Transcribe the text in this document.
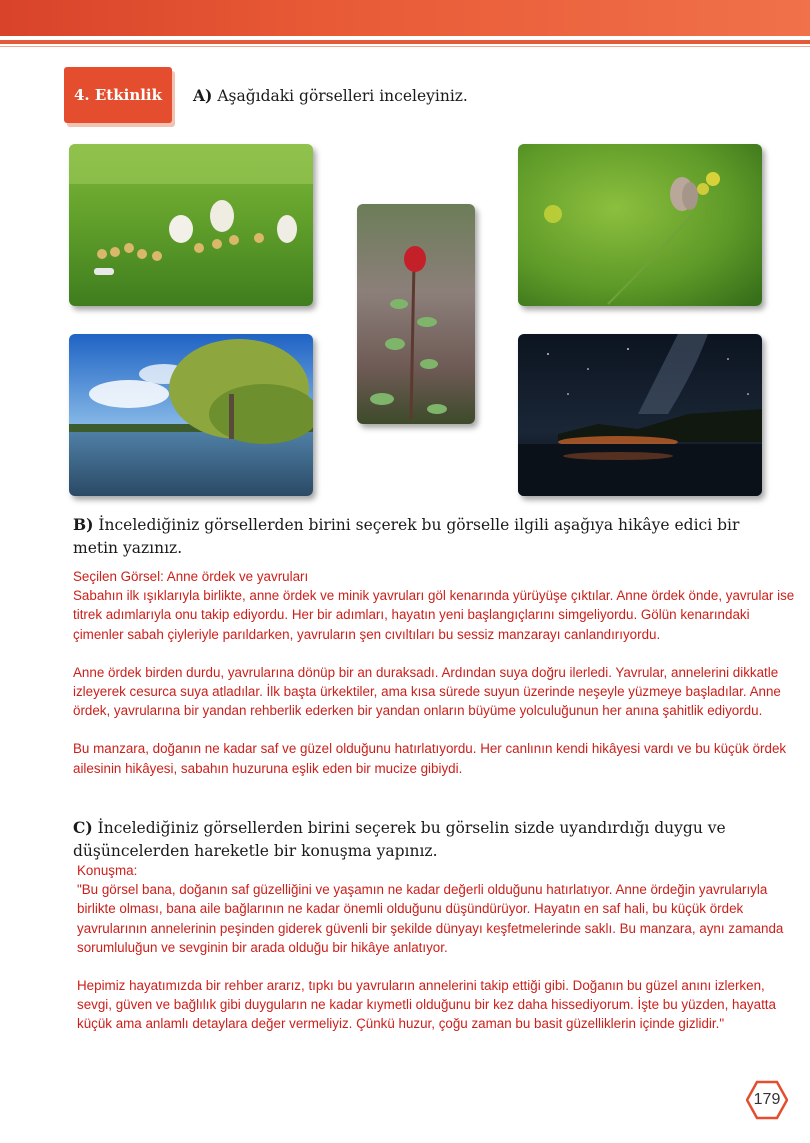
4. Etkinlik	A) Aşağıdaki görselleri inceleyiniz.
B) İncelediğiniz görsellerden birini seçerek bu görselle ilgili aşağıya hikâye edici bir metin yazınız.

Seçilen Görsel: Anne ördek ve yavruları

Sabahın ilk ışıklarıyla birlikte, anne ördek ve minik yavruları göl kenarında yürüyüşe çıktılar. Anne ördek önde, yavrular ise titrek adımlarıyla onu takip ediyordu. Her bir adımları, hayatın yeni başlangıçlarını simgeliyordu. Gölün kenarındaki çimenler sabah çiyleriyle parıldarken, yavruların şen cıvıltıları bu sessiz manzarayı canlandırıyordu.

Anne ördek birden durdu, yavrularına dönüp bir an duraksadı. Ardından suya doğru ilerledi. Yavrular, annelerini dikkatle izleyerek cesurca suya atladılar. İlk başta ürkektiler, ama kısa sürede suyun üzerinde neşeyle yüzmeye başladılar. Anne ördek, yavrularına bir yandan rehberlik ederken bir yandan onların büyüme yolculuğunun her anına şahitlik ediyordu.

Bu manzara, doğanın ne kadar saf ve güzel olduğunu hatırlatıyordu. Her canlının kendi hikâyesi vardı ve bu küçük ördek ailesinin hikâyesi, sabahın huzuruna eşlik eden bir mucize gibiydi.

C) İncelediğiniz görsellerden birini seçerek bu görselin sizde uyandırdığı duygu ve düşüncelerden hareketle bir konuşma yapınız.

Konuşma:

"Bu görsel bana, doğanın saf güzelliğini ve yaşamın ne kadar değerli olduğunu hatırlatıyor. Anne ördeğin yavrularıyla birlikte olması, bana aile bağlarının ne kadar önemli olduğunu düşündürüyor. Hayatın en saf hali, bu küçük ördek yavrularının annelerinin peşinden giderek güvenli bir şekilde dünyayı keşfetmelerinde saklı. Bu manzara, aynı zamanda sorumluluğun ve sevginin bir arada olduğu bir hikâye anlatıyor.

Hepimiz hayatımızda bir rehber ararız, tıpkı bu yavruların annelerini takip ettiği gibi. Doğanın bu güzel anını izlerken, sevgi, güven ve bağlılık gibi duyguların ne kadar kıymetli olduğunu bir kez daha hissediyorum. İşte bu yüzden, hayatta küçük ama anlamlı detaylara değer vermeliyiz. Çünkü huzur, çoğu zaman bu basit güzelliklerin içinde gizlidir."

179
